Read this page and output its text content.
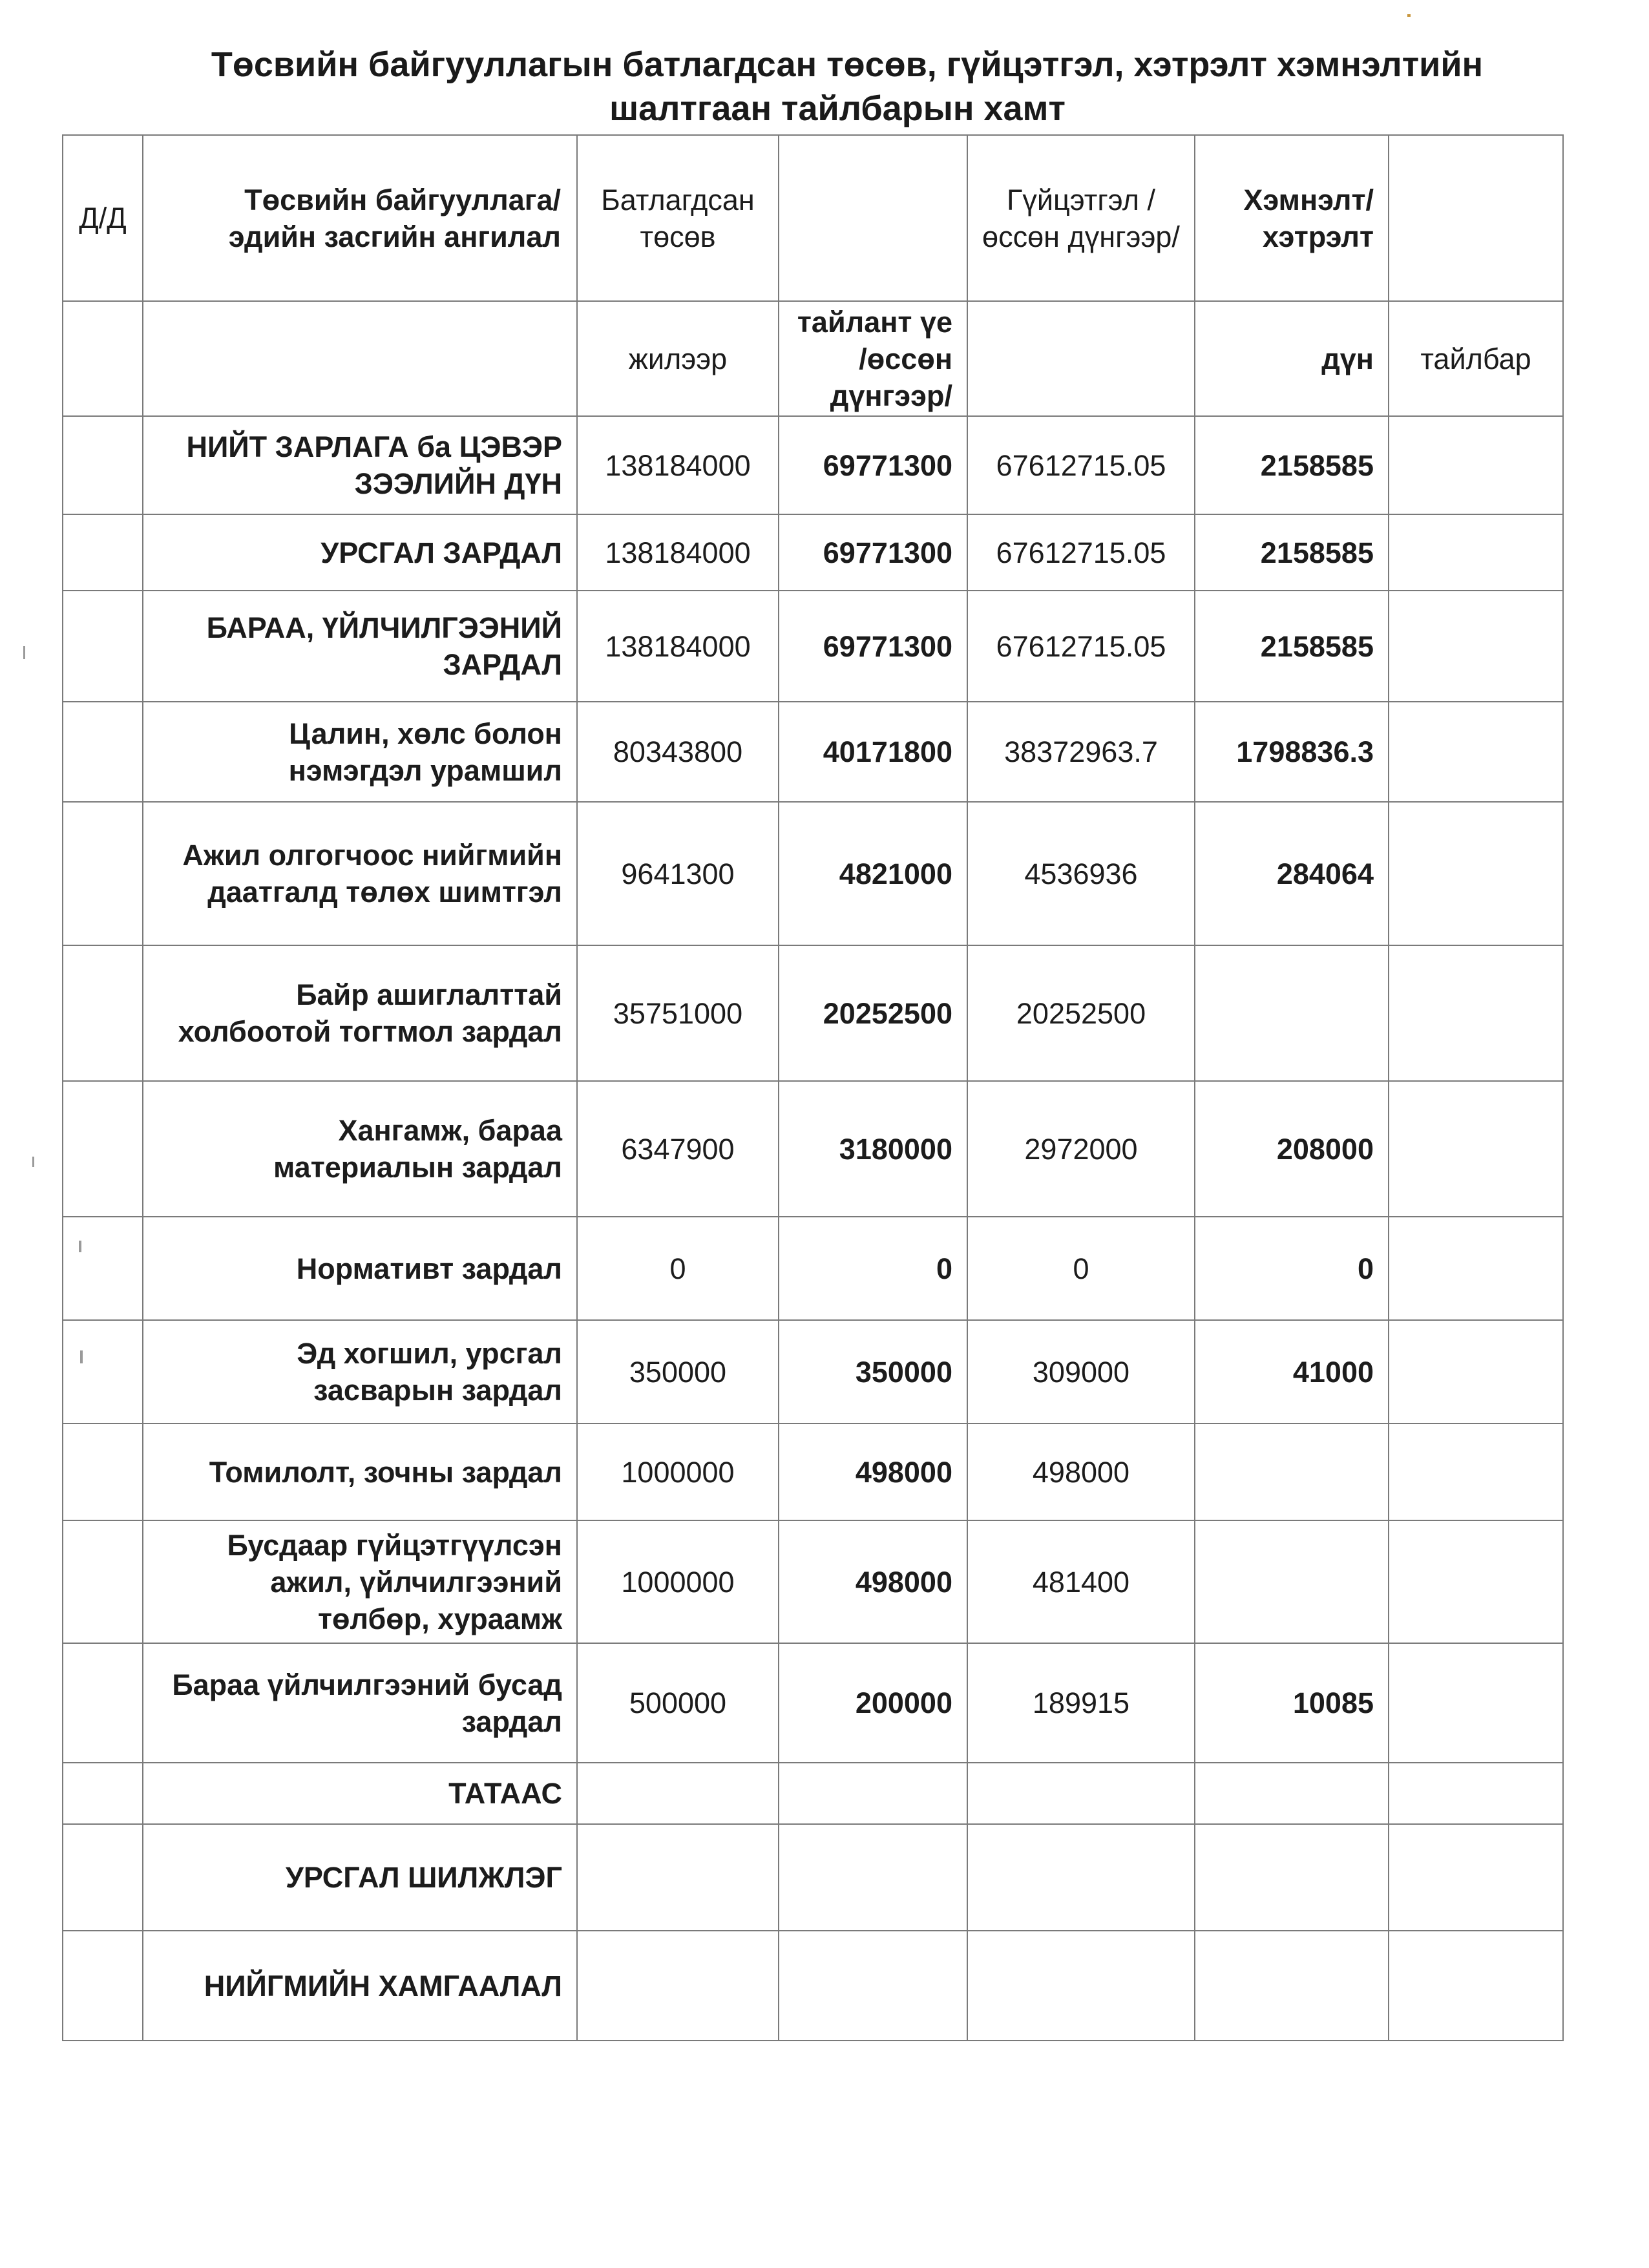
Төсвийн байгууллагын батлагдсан төсөв, гүйцэтгэл, хэтрэлт хэмнэлтийн
шалтгаан тайлбарын хамт
Д/Д	Төсвийн байгууллага/ эдийн засгийн ангилал	Батлагдсан төсөв		Гүйцэтгэл /өссөн дүнгээр/	Хэмнэлт/ хэтрэлт	
		жилээр	тайлант үе /өссөн дүнгээр/		дүн	тайлбар
	НИЙТ ЗАРЛАГА ба ЦЭВЭР ЗЭЭЛИЙН ДҮН	138184000	69771300	67612715.05	2158585	
	УРСГАЛ ЗАРДАЛ	138184000	69771300	67612715.05	2158585	
	БАРАА, ҮЙЛЧИЛГЭЭНИЙ ЗАРДАЛ	138184000	69771300	67612715.05	2158585	
	Цалин, хөлс болон нэмэгдэл урамшил	80343800	40171800	38372963.7	1798836.3	
	Ажил олгогчоос нийгмийн даатгалд төлөх шимтгэл	9641300	4821000	4536936	284064	
	Байр ашиглалттай холбоотой тогтмол зардал	35751000	20252500	20252500		
	Хангамж, бараа материалын зардал	6347900	3180000	2972000	208000	
	Нормативт зардал	0	0	0	0	
	Эд хогшил, урсгал засварын зардал	350000	350000	309000	41000	
	Томилолт, зочны зардал	1000000	498000	498000		
	Бусдаар гүйцэтгүүлсэн ажил, үйлчилгээний төлбөр, хураамж	1000000	498000	481400		
	Бараа үйлчилгээний бусад зардал	500000	200000	189915	10085	
	ТАТААС					
	УРСГАЛ ШИЛЖЛЭГ					
	НИЙГМИЙН ХАМГААЛАЛ					
